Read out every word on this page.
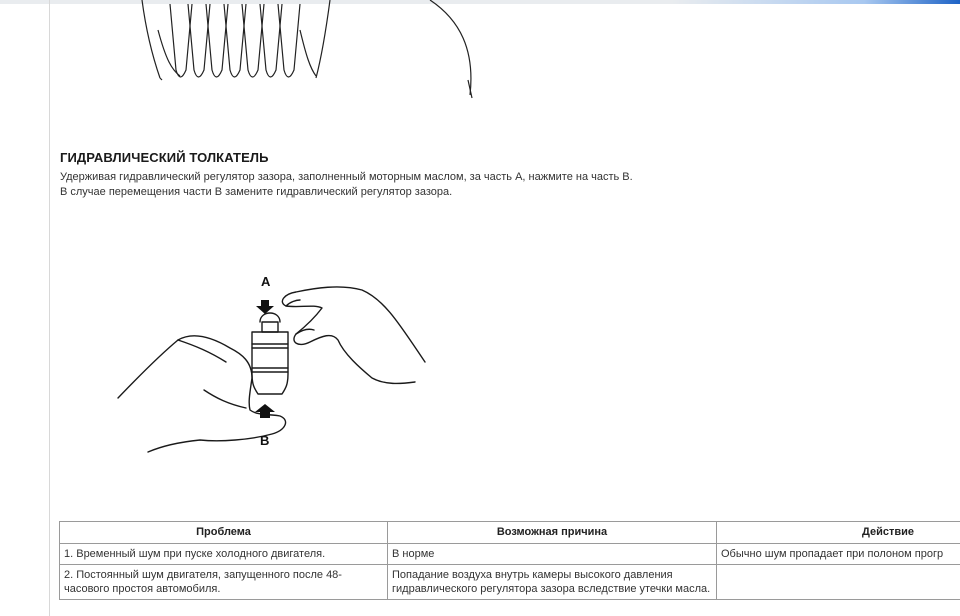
ГИДРАВЛИЧЕСКИЙ ТОЛКАТЕЛЬ
Удерживая гидравлический регулятор зазора, заполненный моторным маслом, за часть A, нажмите на часть B.
В случае перемещения части B замените гидравлический регулятор зазора.
A
B
Проблема	Возможная причина	Действие
1. Временный шум при пуске холодного двигателя.	В норме	Обычно шум пропадает при полоном прогр
2. Постоянный шум двигателя, запущенного после 48-часового простоя автомобиля.	Попадание воздуха внутрь камеры высокого давления гидравлического регулятора зазора вследствие утечки масла.	
